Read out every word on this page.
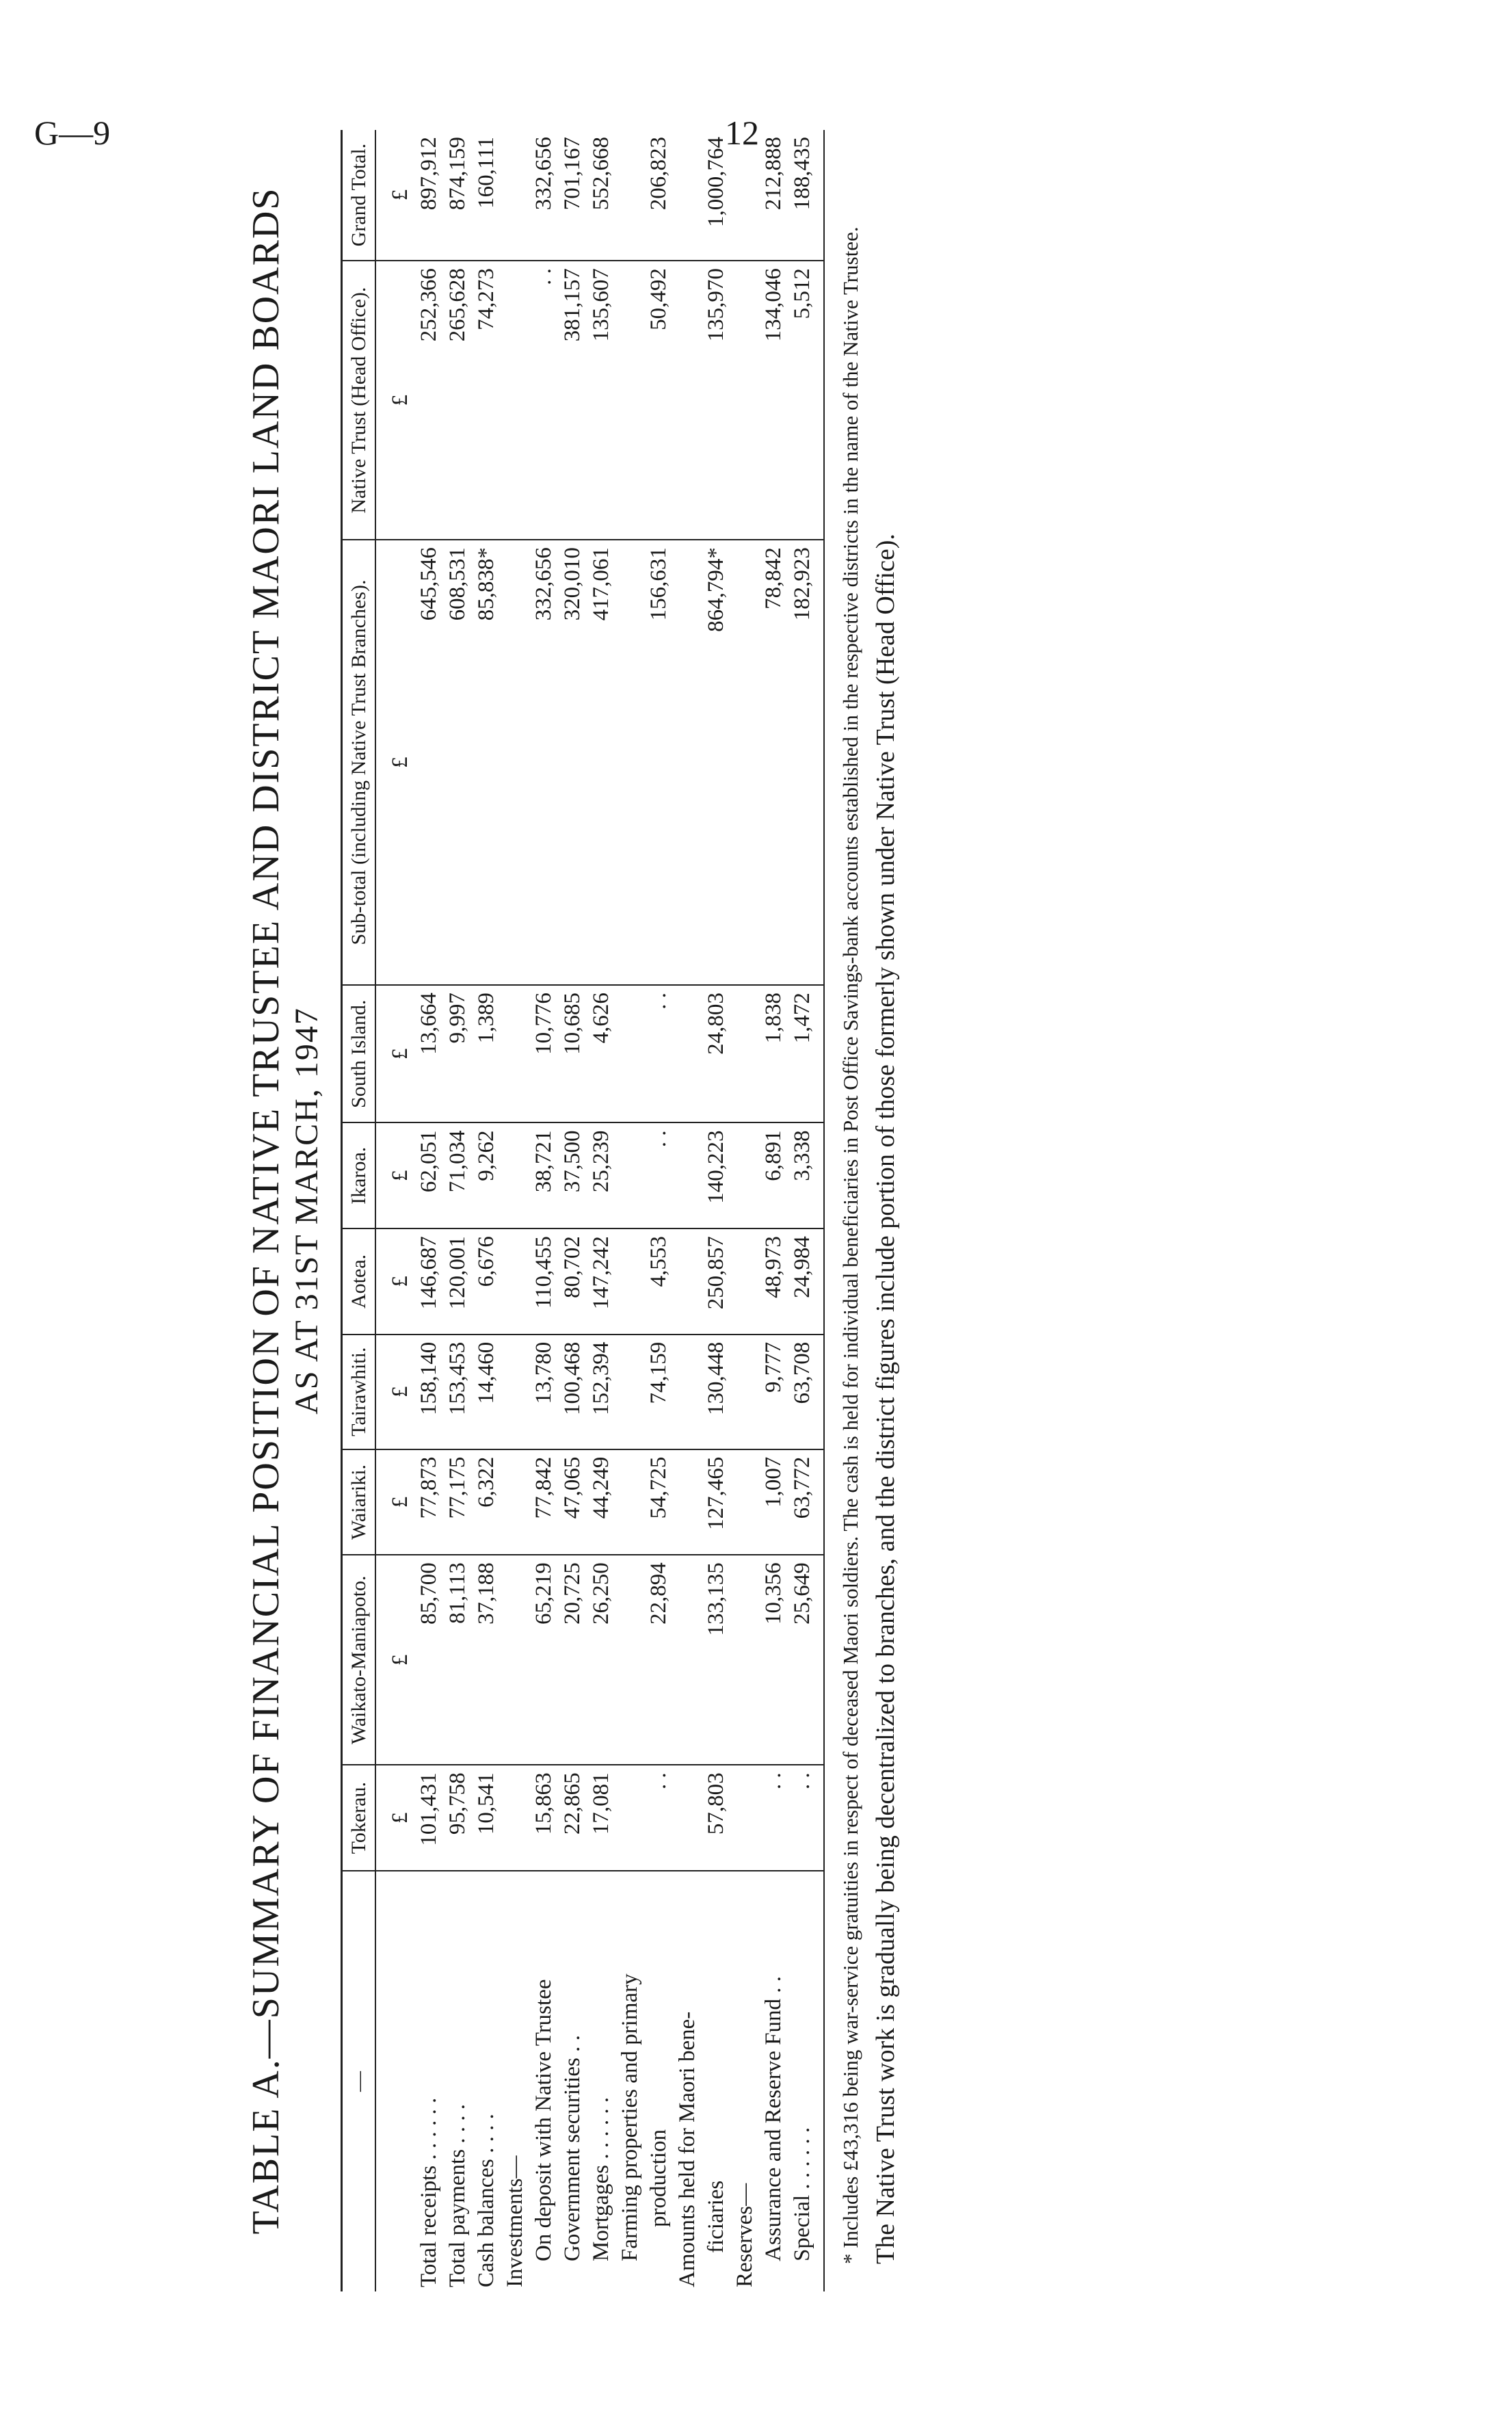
G—9	12
TABLE A.—SUMMARY OF FINANCIAL POSITION OF NATIVE TRUSTEE AND DISTRICT MAORI LAND BOARDS AS AT 31ST MARCH, 1947
—	Tokerau.	Waikato-Maniapoto.	Waiariki.	Tairawhiti.	Aotea.	Ikaroa.	South Island.	Sub-total (including Native Trust Branches).	Native Trust (Head Office).	Grand Total.
	£	£	£	£	£	£	£	£	£	£
Total receipts . . . . . .	101,431	85,700	77,873	158,140	146,687	62,051	13,664	645,546	252,366	897,912
Total payments . . . .	95,758	81,113	77,175	153,453	120,001	71,034	9,997	608,531	265,628	874,159
Cash balances . . . .	10,541	37,188	6,322	14,460	6,676	9,262	1,389	85,838*	74,273	160,111
Investments—										
On deposit with Native Trustee	15,863	65,219	77,842	13,780	110,455	38,721	10,776	332,656	. .	332,656
Government securities . .	22,865	20,725	47,065	100,468	80,702	37,500	10,685	320,010	381,157	701,167
Mortgages . . . . . .	17,081	26,250	44,249	152,394	147,242	25,239	4,626	417,061	135,607	552,668
Farming properties and primary production	. .	22,894	54,725	74,159	4,553	. .	. .	156,631	50,492	206,823
Amounts held for Maori bene- ficiaries	57,803	133,135	127,465	130,448	250,857	140,223	24,803	864,794*	135,970	1,000,764
Reserves—										
Assurance and Reserve Fund . .	. .	10,356	1,007	9,777	48,973	6,891	1,838	78,842	134,046	212,888
Special . . . . . .	. .	25,649	63,772	63,708	24,984	3,338	1,472	182,923	5,512	188,435

* Includes £43,316 being war-service gratuities in respect of deceased Maori soldiers. The cash is held for individual beneficiaries in Post Office Savings-bank accounts established in the respective districts in the name of the Native Trustee. The Native Trust work is gradually being decentralized to branches, and the district figures include portion of those formerly shown under Native Trust (Head Office).
